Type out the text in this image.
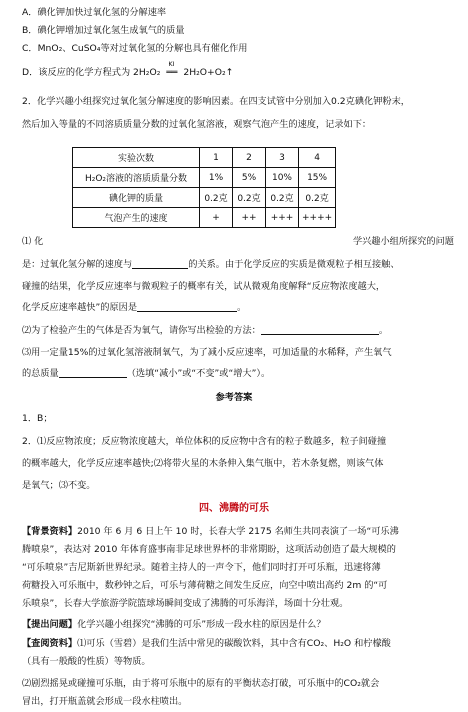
A．碘化钾加快过氧化氢的分解速率
B．碘化钾增加过氧化氢生成氧气的质量
C．MnO₂、CuSO₄等对过氧化氢的分解也具有催化作用
D．该反应的化学方程式为 2H₂O₂
KI
══ 2H₂O+O₂↑
2．化学兴趣小组探究过氧化氢分解速度的影响因素。在四支试管中分别加入0.2克碘化钾粉末，
然后加入等量的不同溶质质量分数的过氧化氢溶液，观察气泡产生的速度，记录如下：
实验次数	1	2	3	4
H₂O₂溶液的溶质质量分数	1%	5%	10%	15%
碘化钾的质量	0.2克	0.2克	0.2克	0.2克
气泡产生的速度	+	++	+++	++++
⑴ 化	学兴趣小组所探究的问题
是：过氧化氢分解的速度与	的关系。由于化学反应的实质是微观粒子相互接触、
碰撞的结果，化学反应速率与微观粒子的概率有关，试从微观角度解释“反应物浓度越大，
化学反应速率越快”的原因是	。
⑵为了检验产生的气体是否为氧气，请你写出检验的方法：	。
⑶用一定量15%的过氧化氢溶液制氧气，为了减小反应速率，可加适量的水稀释，产生氧气
的总质量	（选填“减小”或“不变”或“增大”）。
参考答案
1．B；
2．⑴反应物浓度；反应物浓度越大，单位体积的反应物中含有的粒子数越多，粒子间碰撞
的概率越大，化学反应速率越快;⑵将带火星的木条伸入集气瓶中，若木条复燃，则该气体
是氧气；⑶不变。
四、沸腾的可乐
【背景资料】2010 年 6 月 6 日上午 10 时，长春大学 2175 名师生共同表演了一场“可乐沸
腾喷泉”，表达对 2010 年体育盛事南非足球世界杯的非常期盼，这项活动创造了最大规模的
“可乐喷泉”吉尼斯新世界纪录。随着主持人的一声令下，他们同时打开可乐瓶，迅速将薄
荷糖投入可乐瓶中，数秒钟之后，可乐与薄荷糖之间发生反应，向空中喷出高约 2m 的“可
乐喷泉”，长春大学旅游学院篮球场瞬间变成了沸腾的可乐海洋，场面十分壮观。
【提出问题】化学兴趣小组探究“沸腾的可乐”形成一段水柱的原因是什么？
【查阅资料】⑴可乐（雪碧）是我们生活中常见的碳酸饮料，其中含有CO₂、H₂O 和柠檬酸
（具有一般酸的性质）等物质。
⑵剧烈摇晃或碰撞可乐瓶，由于将可乐瓶中的原有的平衡状态打破，可乐瓶中的CO₂就会
冒出，打开瓶盖就会形成一段水柱喷出。
